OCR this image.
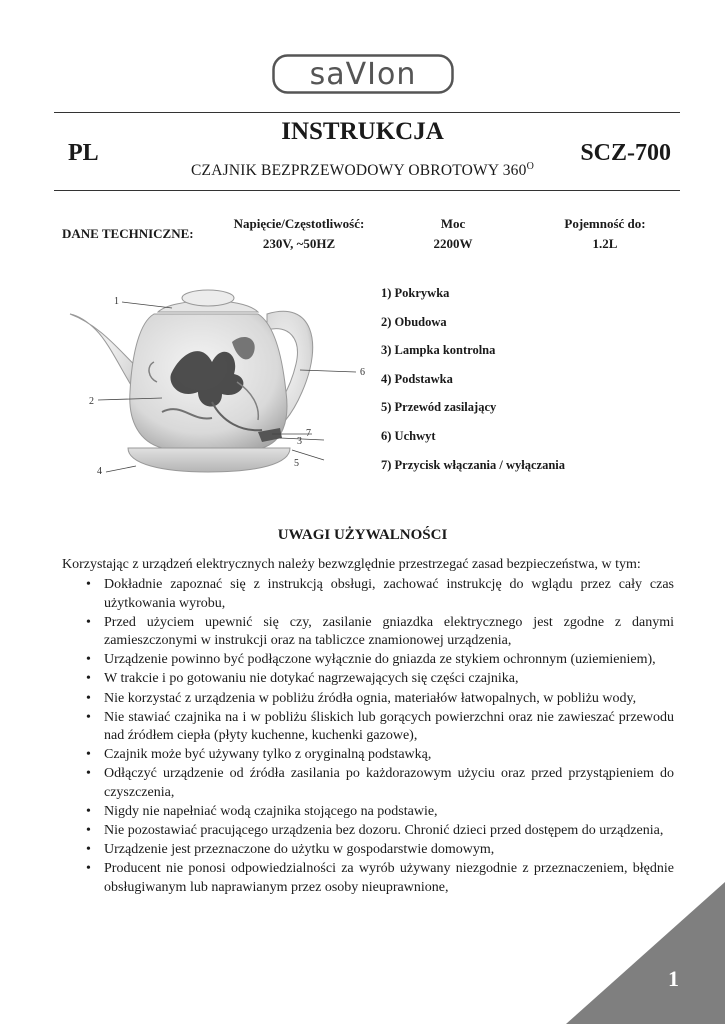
saVIon
PL
INSTRUKCJA
CZAJNIK BEZPRZEWODOWY OBROTOWY $360^O$
SCZ-700
DANE TECHNICZNE:
Napięcie/Częstotliwość:
230V, ~50HZ
Moc
2200W
Pojemność do:
1.2L
1
2
3
4
5
6
7
1) Pokrywka
2) Obudowa
3) Lampka kontrolna
4) Podstawka
5) Przewód zasilający
6) Uchwyt
7) Przycisk włączania / wyłączania
UWAGI UŻYWALNOŚCI
Korzystając z urządzeń elektrycznych należy bezwzględnie przestrzegać zasad bezpieczeństwa, w tym:
• Dokładnie zapoznać się z instrukcją obsługi, zachować instrukcję do wglądu przez cały czas użytkowania wyrobu,
• Przed użyciem upewnić się czy, zasilanie gniazdka elektrycznego jest zgodne z danymi zamieszczonymi w instrukcji oraz na tabliczce znamionowej urządzenia,
• Urządzenie powinno być podłączone wyłącznie do gniazda ze stykiem ochronnym (uziemieniem),
• W trakcie i po gotowaniu nie dotykać nagrzewających się części czajnika,
• Nie korzystać z urządzenia w pobliżu źródła ognia, materiałów łatwopalnych, w pobliżu wody,
• Nie stawiać czajnika na i w pobliżu śliskich lub gorących powierzchni oraz nie zawieszać przewodu nad źródłem ciepła (płyty kuchenne, kuchenki gazowe),
• Czajnik może być używany tylko z oryginalną podstawką,
• Odłączyć urządzenie od źródła zasilania po każdorazowym użyciu oraz przed przystąpieniem do czyszczenia,
• Nigdy nie napełniać wodą czajnika stojącego na podstawie,
• Nie pozostawiać pracującego urządzenia bez dozoru. Chronić dzieci przed dostępem do urządzenia,
• Urządzenie jest przeznaczone do użytku w gospodarstwie domowym,
• Producent nie ponosi odpowiedzialności za wyrób używany niezgodnie z przeznaczeniem, błędnie obsługiwanym lub naprawianym przez osoby nieuprawnione,
1
